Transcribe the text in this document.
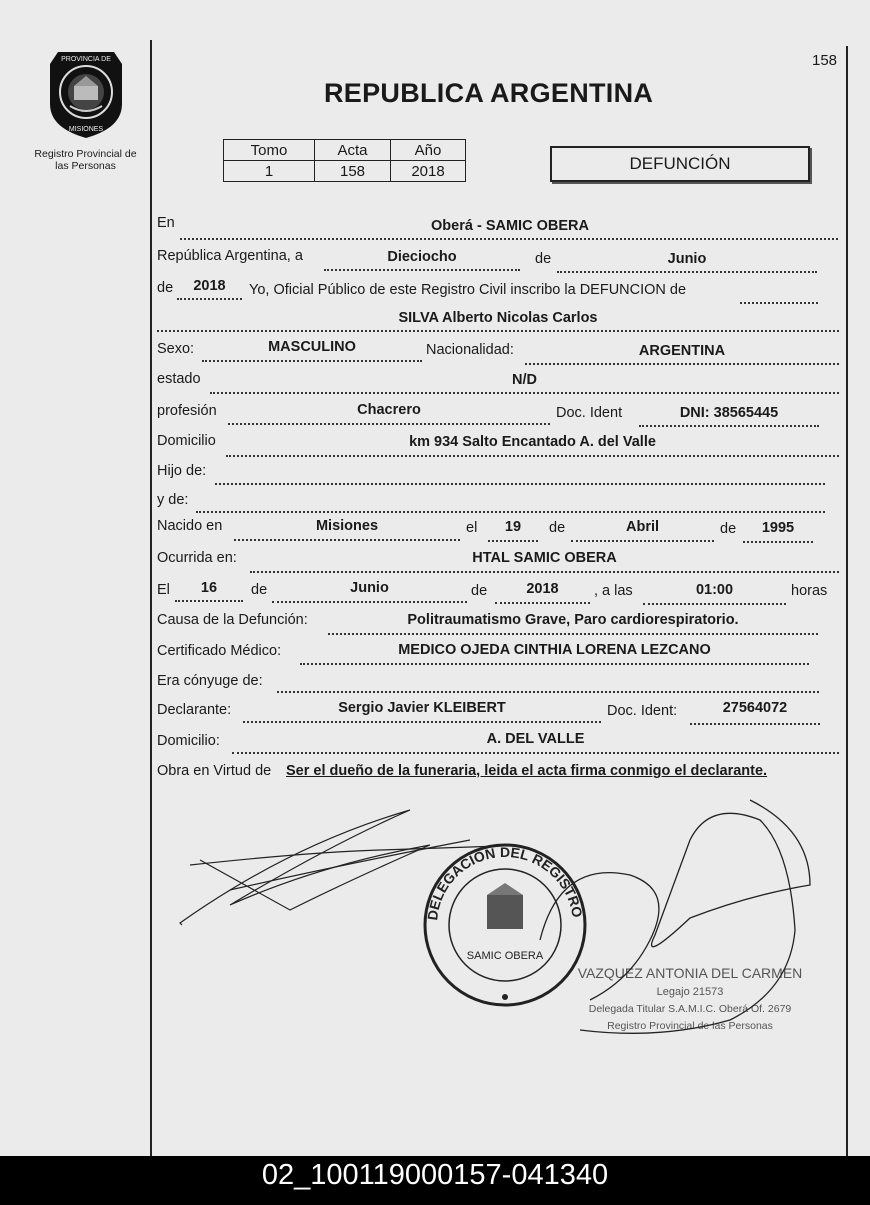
PROVINCIA DE
MISIONES
Registro Provincial de
las Personas
158
REPUBLICA ARGENTINA
Tomo	Acta	Año
1	158	2018	DEFUNCIÓN
En	Oberá - SAMIC OBERA
República Argentina, a	Dieciocho	de	Junio
de	2018	Yo, Oficial Público de este Registro Civil inscribo la DEFUNCION de
SILVA Alberto Nicolas Carlos
Sexo:	MASCULINO	Nacionalidad:	ARGENTINA
estado	N/D
profesión	Chacrero	Doc. Ident	DNI: 38565445
Domicilio	km 934 Salto Encantado A. del Valle
Hijo de:
y de:
Nacido en	Misiones	el	19	de	Abril	de	1995
Ocurrida en:	HTAL SAMIC OBERA
El	16	de	Junio	de	2018	, a las	01:00	horas
Causa de la Defunción:	Politraumatismo Grave, Paro cardiorespiratorio.
Certificado Médico:	MEDICO OJEDA CINTHIA LORENA LEZCANO
Era cónyuge de:
Declarante:	Sergio Javier KLEIBERT	Doc. Ident:	27564072
Domicilio:	A. DEL VALLE
Obra en Virtud de Ser el dueño de la funeraria, leida el acta firma conmigo el declarante.
DELEGACION DEL REGISTRO
SAMIC OBERA
VAZQUEZ ANTONIA DEL CARMEN
Legajo 21573
Delegada Titular S.A.M.I.C. Oberá Of. 2679
Registro Provincial de las Personas
02_100119000157-041340
